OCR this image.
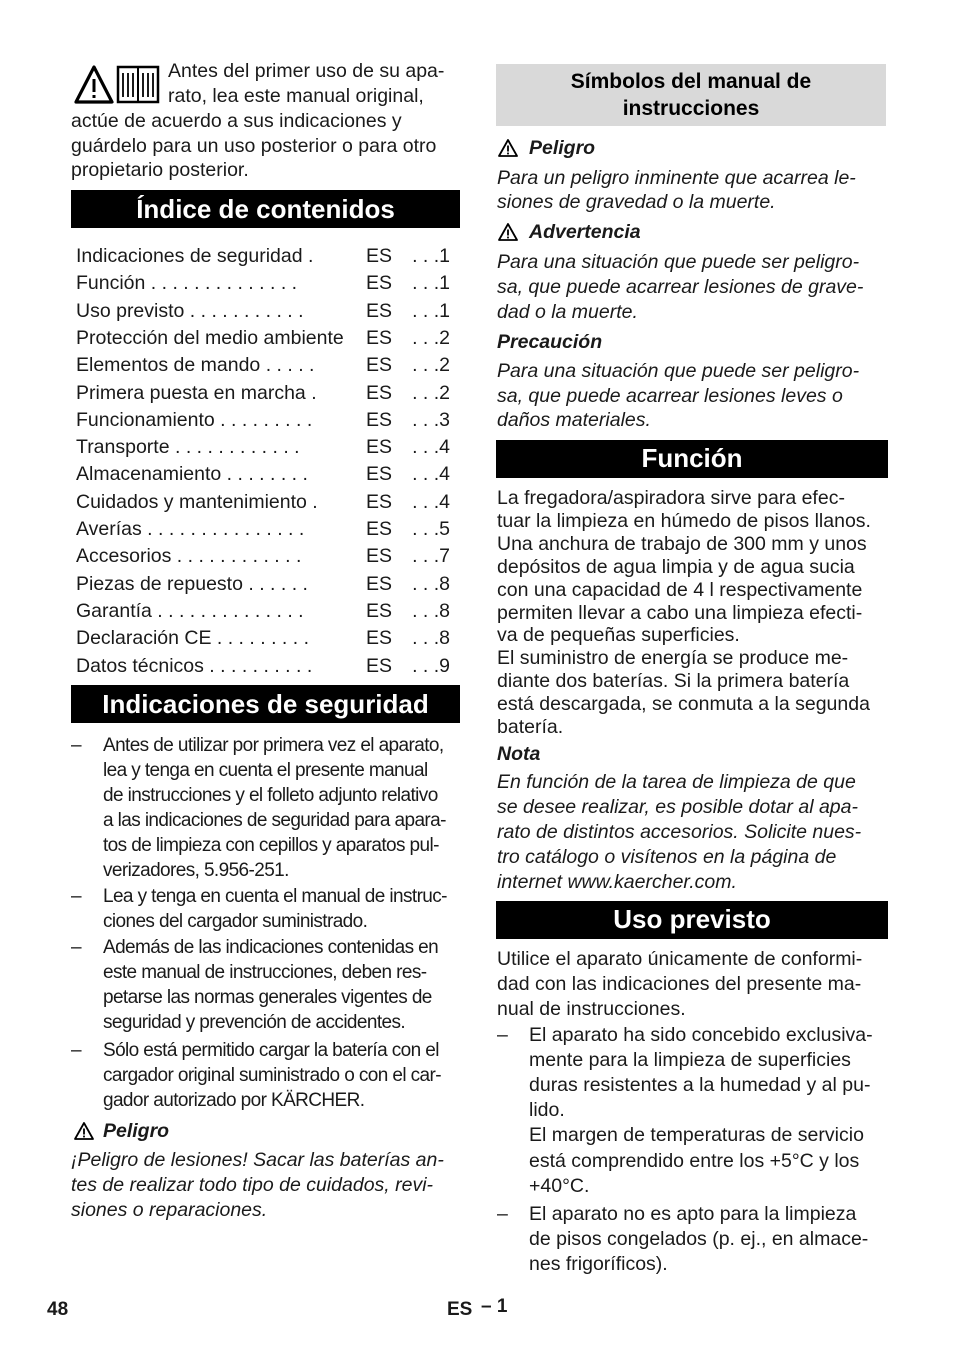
Antes del primer uso de su apa-

rato, lea este manual original,

actúe de acuerdo a sus indicaciones y

guárdelo para un uso posterior o para otro

propietario posterior.

Índice de contenidos
Indicaciones de seguridad .	ES . . .1
Función . . . . . . . . . . . . . .	ES . . .1
Uso previsto . . . . . . . . . . .	ES . . .1
Protección del medio ambiente	ES . . .2
Elementos de mando . . . . .	ES . . .2
Primera puesta en marcha .	ES . . .2
Funcionamiento . . . . . . . . .	ES . . .3
Transporte . . . . . . . . . . . .	ES . . .4
Almacenamiento . . . . . . . .	ES . . .4
Cuidados y mantenimiento .	ES . . .4
Averías . . . . . . . . . . . . . . .	ES . . .5
Accesorios . . . . . . . . . . . .	ES . . .7
Piezas de repuesto . . . . . .	ES . . .8
Garantía . . . . . . . . . . . . . .	ES . . .8
Declaración CE . . . . . . . . .	ES . . .8
Datos técnicos . . . . . . . . . .	ES . . .9
Indicaciones de seguridad
– Antes de utilizar por primera vez el aparato,
lea y tenga en cuenta el presente manual
de instrucciones y el folleto adjunto relativo
a las indicaciones de seguridad para apara-
tos de limpieza con cepillos y aparatos pul-
verizadores, 5.956-251.
– Lea y tenga en cuenta el manual de instruc-
ciones del cargador suministrado.
– Además de las indicaciones contenidas en
este manual de instrucciones, deben res-
petarse las normas generales vigentes de
seguridad y prevención de accidentes.
– Sólo está permitido cargar la batería con el
cargador original suministrado o con el car-
gador autorizado por KÄRCHER.

Peligro

¡Peligro de lesiones! Sacar las baterías an-

tes de realizar todo tipo de cuidados, revi-

siones o reparaciones.

Símbolos del manual de
instrucciones

Peligro

Para un peligro inminente que acarrea le-

siones de gravedad o la muerte.

Advertencia

Para una situación que puede ser peligro-

sa, que puede acarrear lesiones de grave-

dad o la muerte.

Precaución

Para una situación que puede ser peligro-

sa, que puede acarrear lesiones leves o

daños materiales.

Función

La fregadora/aspiradora sirve para efec-

tuar la limpieza en húmedo de pisos llanos.

Una anchura de trabajo de 300 mm y unos

depósitos de agua limpia y de agua sucia

con una capacidad de 4 l respectivamente

permiten llevar a cabo una limpieza efecti-

va de pequeñas superficies.

El suministro de energía se produce me-

diante dos baterías. Si la primera batería

está descargada, se conmuta a la segunda

batería.

Nota

En función de la tarea de limpieza de que

se desee realizar, es posible dotar al apa-

rato de distintos accesorios. Solicite nues-

tro catálogo o visítenos en la página de

internet www.kaercher.com.

Uso previsto

Utilice el aparato únicamente de conformi-

dad con las indicaciones del presente ma-

nual de instrucciones.

– El aparato ha sido concebido exclusiva-

mente para la limpieza de superficies

duras resistentes a la humedad y al pu-

lido.

El margen de temperaturas de servicio

está comprendido entre los +5°C y los

+40°C.

– El aparato no es apto para la limpieza

de pisos congelados (p. ej., en almace-

nes frigoríficos).

48	ES – 1
